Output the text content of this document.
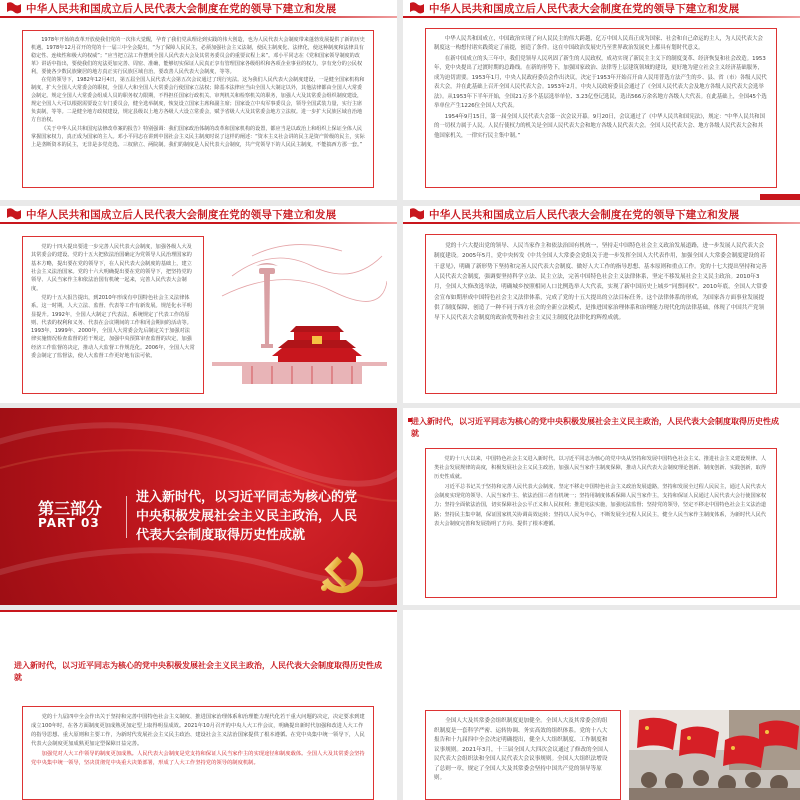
中华人民共和国成立后人民代表大会制度在党的领导下建立和发展

1978年开始的改革开放使我们党的一次伟大觉醒，孕育了我们党从理论到实践的伟大创造，也为人民代表大会制度带来蓬勃发展提供了新的历史机遇。1978年12月召开的党的十一届三中全会提出，“为了保障人民民主，必须加强社会主义法制，使民主制度化、法律化，使这种制度和法律具有稳定性、连续性和极大的权威”；“应当把立法工作摆到全国人民代表大会及其常务委员会的重要议程上来”。邓小平同志在《党和国家领导制度的改革》讲话中指出，要使我们的宪法更加完善、周密、准确，能够切实保证人民真正享有管理国家各级组织和各项企业事业的权力，享有充分的公民权利，要使各少数民族聚居的地方真正实行民族区域自治，要改善人民代表大会制度，等等。

在党的领导下，1982年12月4日，第五届全国人民代表大会第五次会议通过了现行宪法。这为我们人民代表大会制度建设，一是健全国家机构和制度，扩大全国人大常委会的职权，全国人大和全国人大常委会行使国家立法权；除基本法律应当由全国人大制定以外，其他法律都由全国人大常委会制定。规定全国人大常委会组成人员的职务权力限期，不得担任国家行政机关、审判机关和检察机关的职务，加强人大及其常委会组织制度建设，规定全国人大可以根据需要设立专门委员会，健全选举制度，恢复设立国家主席和副主席；国家设立中央军事委员会，领导全国武装力量，实行主席负责制，等等。二是健全地方政权建设，规定县级以上地方各级人大设立常委会，赋予省级人大及其常委会地方立法权。进一步扩大民族区域自治地方自治权。

《关于中华人民共和国宪法修改草案的报告》特别强调：我们国家政治体制的改革和国家机构的设置，都应当是以政治上和组织上保证全体人民掌握国家权力，真正成为国家的主人。邓小平同志在讲到中国社会主义民主制度时说了这样的阐述：“资本主义社会讲的民主是资产阶级的民主，实际上是垄断资本的民主，无非是多党竞选、三权鼎立、两院制。我们的制度是人民代表大会制度，共产党领导下的人民民主制度，不能搞西方那一套。”

中华人民共和国成立后人民代表大会制度在党的领导下建立和发展

中华人民共和国成立，中国政治实现了向人民民主的伟大跨越，亿万中国人民真正成为国家、社会和自己命运的主人，为人民代表大会制度这一构想付诸实践奠定了前提，创造了条件。这在中国政治发展史乃至世界政治发展史上都具有划时代意义。

在新中国成立的头三年中，我们党领导人民巩固了新生的人民政权，成功实现了新民主主义下的制度变革、经济恢复和社会改造。1953年，党中央提出了过渡时期的总路线。在新的形势下，加强国家政治、法律等上层建筑领域的建设，更好地为建立社会主义经济基础服务，成为迫切需要。1953年1月，中央人民政府委员会作出决议，决定于1953年开始召开由人民用普选方法产生的乡、县、省（市）各级人民代表大会，并在此基础上召开全国人民代表大会。1953年2月，中央人民政府委员会通过了《全国人民代表大会及地方各级人民代表大会选举法》。从1953年下半年开始，全国21万多个基层选举单位、3.23亿登记选民，选出566万余名地方各级人大代表。在此基础上，全国45个选举单位产生1226位全国人大代表。

1954年9月15日，第一届全国人民代表大会第一次会议开幕。9月20日，会议通过了《中华人民共和国宪法》，规定：“中华人民共和国的一切权力属于人民。人民行使权力的机关是全国人民代表大会和地方各级人民代表大会。全国人民代表大会、地方各级人民代表大会和其他国家机关，一律实行民主集中制。”

中华人民共和国成立后人民代表大会制度在党的领导下建立和发展

党的十四大提出要进一步完善人民代表大会制度，加强各级人大及其常委会的建设。党的十五大把依法治国确定为党领导人民治理国家的基本方略，提出要在党的领导下，在人民代表大会制度的基础上，建立社会主义法治国家。党的十六大明确提出要在党的领导下，把坚持党的领导、人民当家作主和依法治国有机统一起来，完善人民代表大会制度。

党的十五大报告提出，到2010年形成有中国特色社会主义法律体系。这一时期，人大立法、监督、代表等工作有新发展。规范化水平明显提升。1992年，全国人大制定了代表法，系统规定了代表工作的原则、代表的权利和义务、代表在会议期间的工作和闭会期间的活动等。1993年、1999年、2000年，全国人大常委会先后制定关于加强对法律实施情况检查监督的若干规定，加强中央预算审查监督的决定，加强经济工作监督的决定，推动人大监督工作规范化。2006年，全国人大常委会制定了监督法，使人大监督工作更好地有法可依。

中华人民共和国成立后人民代表大会制度在党的领导下建立和发展

党的十六大提出党的领导、人民当家作主和依法治国有机统一，坚持走中国特色社会主义政治发展道路，进一步发展人民代表大会制度建设。2005年5月，党中央转发《中共全国人大常委会党组关于进一步发挥全国人大代表作用，加强全国人大常委会制度建设的若干意见》，明确了新形势下坚持和完善人民代表大会制度、做好人大工作的指导思想、基本原则和重点工作。党的十七大提出坚持和完善人民代表大会制度，强调要坚持科学立法、民主立法，完善中国特色社会主义法律体系，坚定不移发展社会主义民主政治。2010年3月，全国人大修改选举法，明确城乡按照相同人口比例选举人大代表，实现了新中国历史上城乡“同票同权”。2010年底，全国人大常委会宣布如期形成中国特色社会主义法律体系，完成了党的十五大提出的立法目标任务。这个法律体系的形成，为国家各方面事业发展提供了制度保障，创造了一种不同于西方社会的全新立法模式，是推进国家治理体系和治理能力现代化的法律基础，体现了中国共产党领导下人民代表大会制度的政治优势和社会主义民主制度化法律化的辉煌成就。

第三部分
PART 03
进入新时代，以习近平同志为核心的党中央积极发展社会主义民主政治，人民代表大会制度取得历史性成就
进入新时代，以习近平同志为核心的党中央积极发展社会主义民主政治，人民代表大会制度取得历史性成就

党的十八大以来，中国特色社会主义进入新时代。以习近平同志为核心的党中央从坚持和发展中国特色社会主义、推进社会主义建设规律、人类社会发展规律的高度，积极发展社会主义民主政治，加强人民当家作主制度保障，推动人民代表大会制度理论创新、制度创新、实践创新，取得历史性成就。

习近平总书记关于坚持和完善人民代表大会制度、坚定不移走中国特色社会主义政治发展道路，坚持和发展全过程人民民主，通过人民代表大会制度实现党的领导、人民当家作主、依法治国三者有机统一；坚持用制度体系保障人民当家作主，支持和保证人民通过人民代表大会行使国家权力；坚持全面依法治国，切实保障社会公平正义和人民权利；推进宪法实施，加强宪法监督；坚持党的领导，坚定不移走中国特色社会主义法治道路；坚持民主集中制，保证国家机关协调高效运转；坚持以人民为中心，不断发展全过程人民民主，健全人民当家作主制度体系，为新时代人民代表大会制度完善和发展指明了方向、提供了根本遵循。

进入新时代，以习近平同志为核心的党中央积极发展社会主义民主政治，人民代表大会制度取得历史性成就

党的十九届四中全会作出关于坚持和完善中国特色社会主义制度、推进国家治理体系和治理能力现代化若干重大问题的决定，决定要求到建成立100年时，在各方面制度更加成熟更加定型上取得明显成效。2021年10月召开的中央人大工作会议，明确提出新时代加强和改进人大工作的指导思想、重大原则和主要工作，为新时代发展社会主义民主政治、建设社会主义法治国家提供了根本遵循。在党中央集中统一领导下，人民代表大会制度更加成熟更加定型保障日益完善。

加强党对人大工作领导的制度更加成熟。人民代表大会制度是党支持和保证人民当家作主的实现途径和制度载体。全国人大及其常委会坚持党中央集中统一领导，坚决贯彻党中央重大决策部署，形成了人大工作坚持党的领导的制度机制。

全国人大及其常委会组织制度更加健全。全国人大及其常委会的组织制度是一套科学严密、运转协调、务实高效的组织体系。党的十八大报告和十九届四中全会决定明确提出，健全人大组织制度、工作制度和议事规则。2021年3月，十三届全国人大四次会议通过了修改的全国人民代表大会组织法和全国人民代表大会议事规则。全国人大组织法增设了总则一章，规定了全国人大及其常委会坚持中国共产党的领导等原则。
